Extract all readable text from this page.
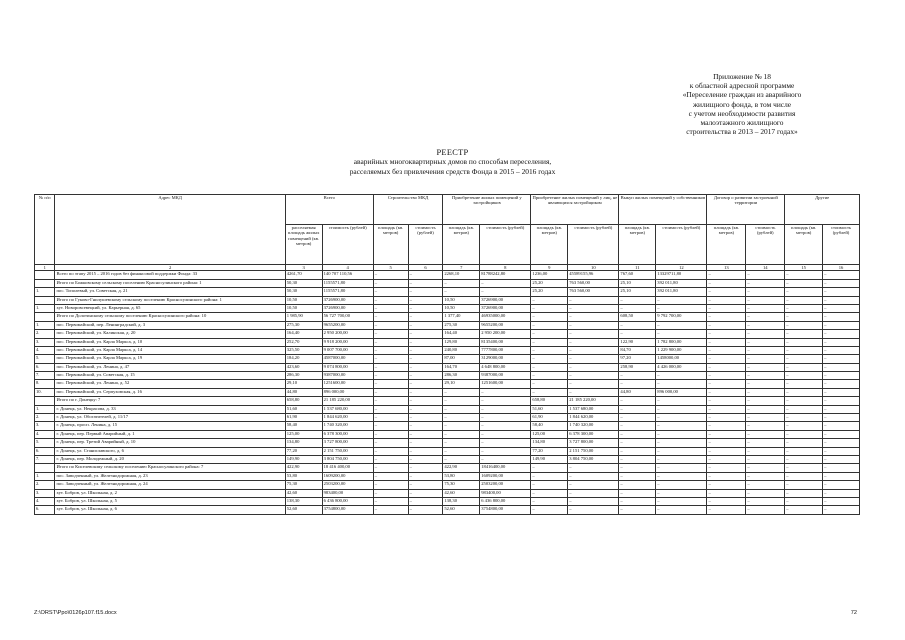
Приложение № 18
к областной адресной программе
«Переселение граждан из аварийного
жилищного фонда, в том числе
с учетом необходимости развития
малоэтажного жилищного
строительства в 2013 – 2017 годах»
РЕЕСТР
аварийных многоквартирных домов по способам переселения,
расселяемых без привлечения средств Фонда в 2015 – 2016 годах
№ п/п	Адрес МКД	Всего		Строительство МКД		Приобретение жилых помещений у застройщиков		Приобретение жилых помещений у лиц, не являющихся застройщиком		Выкуп жилых помещений у собственников		Договор о развитии застроенной территории		Другие	
		расселяемая площадь жилых помещений (кв. метров)	стоимость (рублей)	площадь (кв. метров)	стоимость (рублей)	площадь (кв. метров)	стоимость (рублей)	площадь (кв. метров)	стоимость (рублей)	площадь (кв. метров)	стоимость (рублей)	площадь (кв. метров)	стоимость (рублей)	площадь (кв. метров)	стоимость (рублей)
1	2	3	4	5	6	7	8	9	10	11	12	13	14	15	16
	Всего по этапу 2015 – 2016 годов без финансовой поддержки Фонда: 33	4261,70	140 707 110,56	–	–	2268,10	81788242,80	1236,00	45589155,96	767,60	13329711,80	–	–	–	–
	Итого по Божковскому сельскому поселению Красносулинского района: 1	50,30	1155571,80	–	–	–	–	25,20	763 560,00	25,10	392 011,80	–	–	–	–
1.	пос. Тополевый, ул. Советская, д. 21	50,30	1155571,80	–	–	–	–	25,20	763 560,00	25,10	392 011,80	–	–	–	–
	Итого по Гуково-Гнилушевскому сельскому поселению Красносулинского района: 1	10,50	3726900,00	–	–	10,50	3726900,00	–	–	–	–	–	–	–	–
1.	хут. Новоровсевецкий, ул. Карьерная, д. 65	10,50	3726900,00	–	–	10,50	3726900,00	–	–	–	–	–	–	–	–
	Итого по Долотинскому сельскому поселению Красносулинского района: 10	1 985,90	56 727 700,00	–	–	1 377,40	46935000,00	–	–	608,50	9 792 700,00	–	–	–	–
1.	пос. Первомайский, пер. Ленинградский, д. 3	275,30	9655200,00	–	–	275,30	9655200,00	–	–	–	–	–	–	–	–
2.	пос. Первомайский, ул. Калинская, д. 20	164,40	2 950 200,00	–	–	164,40	2 950 200,00	–	–	–	–	–	–	–	–
3.	пос. Первомайский, ул. Карла Маркса, д. 10	252,70	9 918 200,00	–	–	129,80	8135400,00	–	–	122,90	1 782 800,00	–	–	–	–
4.	пос. Первомайский, ул. Карла Маркса, д. 14	325,50	9 007 700,00	–	–	240,80	7777800,00	–	–	84,70	1 229 900,00	–	–	–	–
5.	пос. Первомайский, ул. Карла Маркса, д. 19	184,20	4587000,00	–	–	87,00	3129000,00	–	–	97,20	1458000,00	–	–	–	–
6.	пос. Первомайский, ул. Ленина, д. 47	423,60	9 074 800,00	–	–	164,70	4 648 800,00	–	–	258,90	4 426 000,00	–	–	–	–
7.	пос. Первомайский, ул. Советская, д. 15	286,30	9387000,00	–	–	286,30	9387000,00	–	–	–	–	–	–	–	–
8.	пос. Первомайский, ул. Ленина, д. 52	29,10	1251600,00	–	–	29,10	1251600,00	–	–	–	–	–	–	–	–
10.	пос. Первомайский, ул. Серпуховская, д. 16	44,80	896 000,00	–	–	–	–	–	–	44,80	896 000,00	–	–	–	–
	Итого по г. Донецку: 7	658,80	21 185 220,00	–	–	–	–	658,80	21 185 220,00	–	–	–	–	–	–
1.	г. Донецк, ул. Некрасова, д. 33	51,60	1 537 680,00	–	–	–	–	51,60	1 537 680,00	–	–	–	–	–	–
2.	г. Донецк, ул. Обогатителей, д. 11/17	61,90	1 844 620,00	–	–	–	–	61,90	1 844 620,00	–	–	–	–	–	–
3.	г. Донецк, просп. Ленина, д. 15	58,40	1 740 320,00	–	–	–	–	58,40	1 740 320,00	–	–	–	–	–	–
4.	г. Донецк, пер. Первый Аварийный, д. 1	125,00	6 378 300,00	–	–	–	–	125,00	6 378 300,00	–	–	–	–	–	–
5.	г. Донецк, пер. Третий Аварийный, д. 10	134,80	3 727 800,00	–	–	–	–	134,80	3 727 800,00	–	–	–	–	–	–
6.	г. Донецк, ул. Станиславского, д. 6	77,20	2 151 750,00	–	–	–	–	77,20	2 151 750,00	–	–	–	–	–	–
7.	г. Донецк, пер. Молодежный, д. 20	149,90	3 804 750,00	–	–	–	–	149,90	3 804 750,00	–	–	–	–	–	–
	Итого по Киселевскому сельскому поселению Красносулинского района: 7	422,90	18 416 400,00	–	–	422,90	18416400,00	–	–	–	–	–	–	–	–
1.	пос. Заводченный, ул. Железнодорожная, д. 23	53,80	1609200,00	–	–	53,80	1609200,00	–	–	–	–	–	–	–	–
2.	пос. Заводченный, ул. Железнодорожная, д. 24	75,30	2503200,00	–	–	75,30	2503200,00	–	–	–	–	–	–	–	–
3.	хут. Бобров, ул. Школьная, д. 2	42,60	983400,00	–	–	42,60	983400,00	–	–	–	–	–	–	–	–
4.	хут. Бобров, ул. Школьная, д. 5	138,30	6 436 800,00	–	–	138,30	6 436 800,00	–	–	–	–	–	–	–	–
6.	хут. Бобров, ул. Школьная, д. 6	52,60	3754800,00	–	–	52,60	3754800,00	–	–	–	–	–	–	–	–
Z:\ORST\Ppo\0126p107.f15.docx	72
